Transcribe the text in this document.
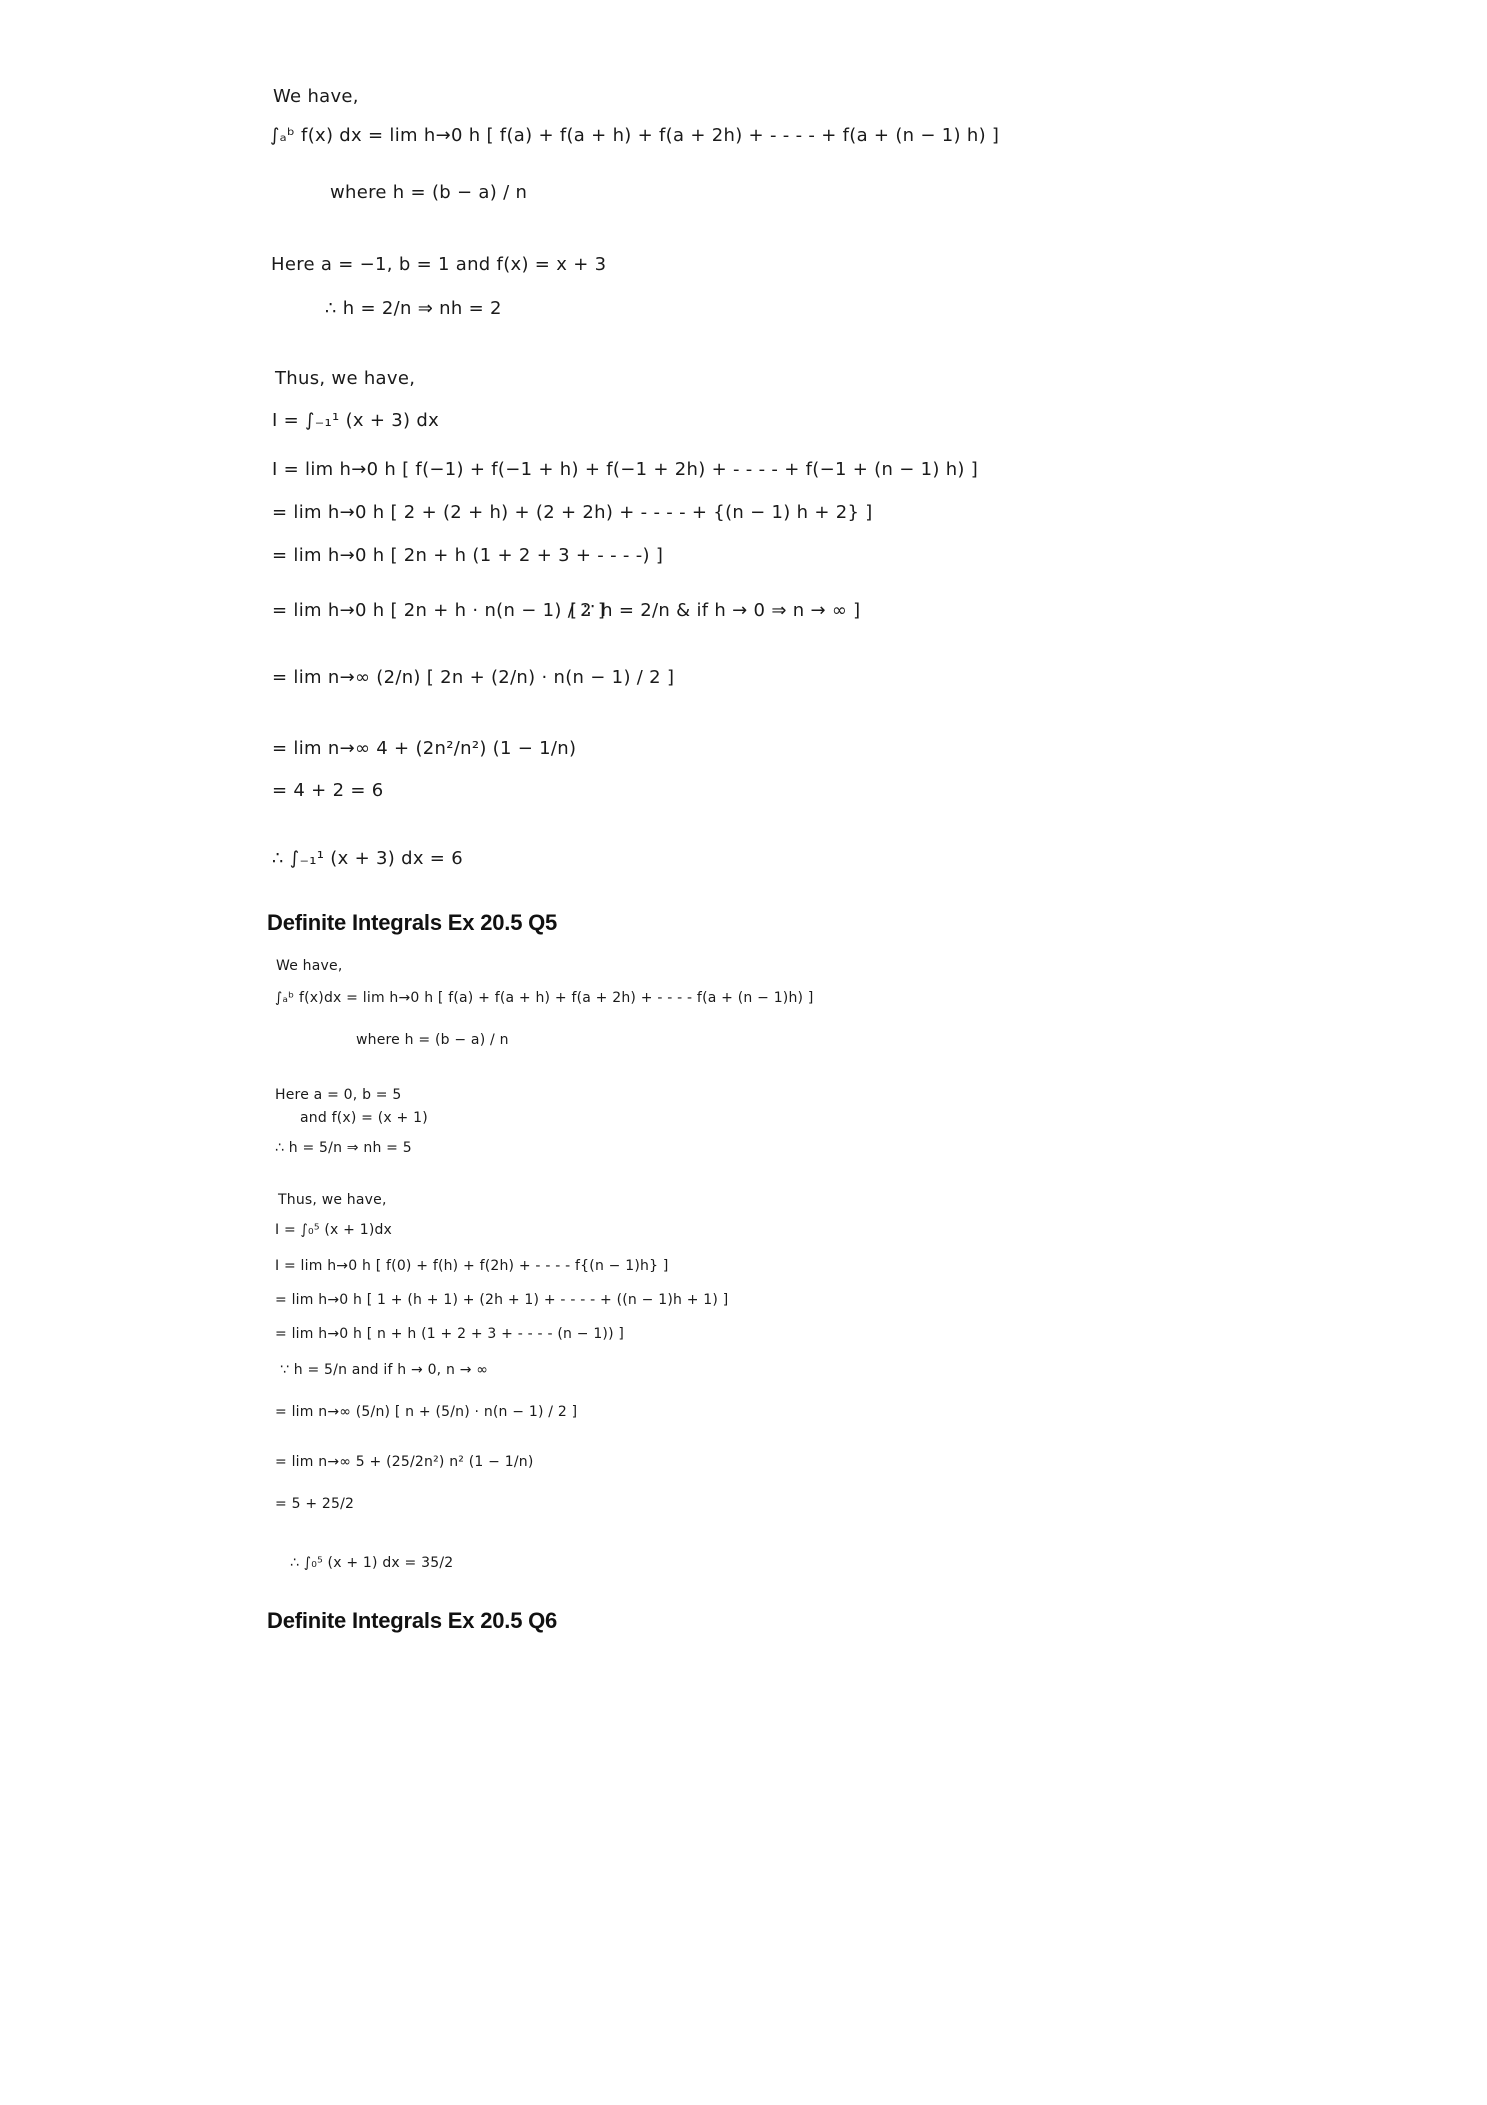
We have,
∫ₐᵇ f(x) dx = lim h→0 h [ f(a) + f(a + h) + f(a + 2h) + - - - - + f(a + (n − 1) h) ]
where h = (b − a) / n
Here a = −1, b = 1 and f(x) = x + 3
∴ h = 2/n ⇒ nh = 2
Thus, we have,
I = ∫₋₁¹ (x + 3) dx
I = lim h→0 h [ f(−1) + f(−1 + h) + f(−1 + 2h) + - - - - + f(−1 + (n − 1) h) ]
= lim h→0 h [ 2 + (2 + h) + (2 + 2h) + - - - - + {(n − 1) h + 2} ]
= lim h→0 h [ 2n + h (1 + 2 + 3 + - - - -) ]
= lim h→0 h [ 2n + h · n(n − 1) / 2 ]
[ ∵ h = 2/n & if h → 0 ⇒ n → ∞ ]
= lim n→∞ (2/n) [ 2n + (2/n) · n(n − 1) / 2 ]
= lim n→∞ 4 + (2n²/n²) (1 − 1/n)
= 4 + 2 = 6
∴ ∫₋₁¹ (x + 3) dx = 6
Definite Integrals Ex 20.5 Q5
We have,
∫ₐᵇ f(x)dx = lim h→0 h [ f(a) + f(a + h) + f(a + 2h) + - - - - f(a + (n − 1)h) ]
where h = (b − a) / n
Here a = 0, b = 5
and f(x) = (x + 1)
∴ h = 5/n ⇒ nh = 5
Thus, we have,
I = ∫₀⁵ (x + 1)dx
I = lim h→0 h [ f(0) + f(h) + f(2h) + - - - - f{(n − 1)h} ]
= lim h→0 h [ 1 + (h + 1) + (2h + 1) + - - - - + ((n − 1)h + 1) ]
= lim h→0 h [ n + h (1 + 2 + 3 + - - - - (n − 1)) ]
∵ h = 5/n and if h → 0, n → ∞
= lim n→∞ (5/n) [ n + (5/n) · n(n − 1) / 2 ]
= lim n→∞ 5 + (25/2n²) n² (1 − 1/n)
= 5 + 25/2
∴ ∫₀⁵ (x + 1) dx = 35/2
Definite Integrals Ex 20.5 Q6
